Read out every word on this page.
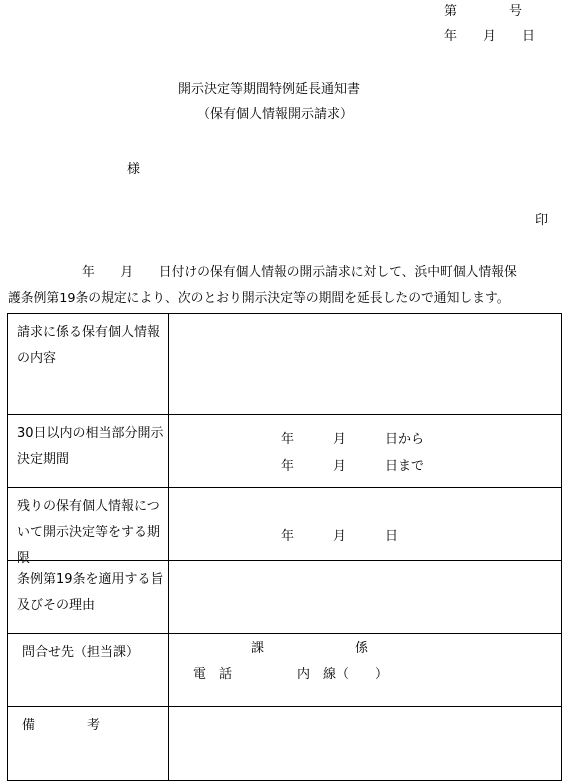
第　　　　号
年　　月　　日
開示決定等期間特例延長通知書
（保有個人情報開示請求）
様
印
年　　月　　日付けの保有個人情報の開示請求に対して、浜中町個人情報保
護条例第19条の規定により、次のとおり開示決定等の期間を延長したので通知します。
請求に係る保有個人情報の内容	

30日以内の相当部分開示決定期間	年　　　月　　　日から
年　　　月　　　日まで

残りの保有個人情報について開示決定等をする期限	年　　　月　　　日

条例第19条を適用する旨及びその理由	

問合せ先（担当課）	課　　　　　　　係
電　話　　　　　内　線（　　）

備　　　　考	
